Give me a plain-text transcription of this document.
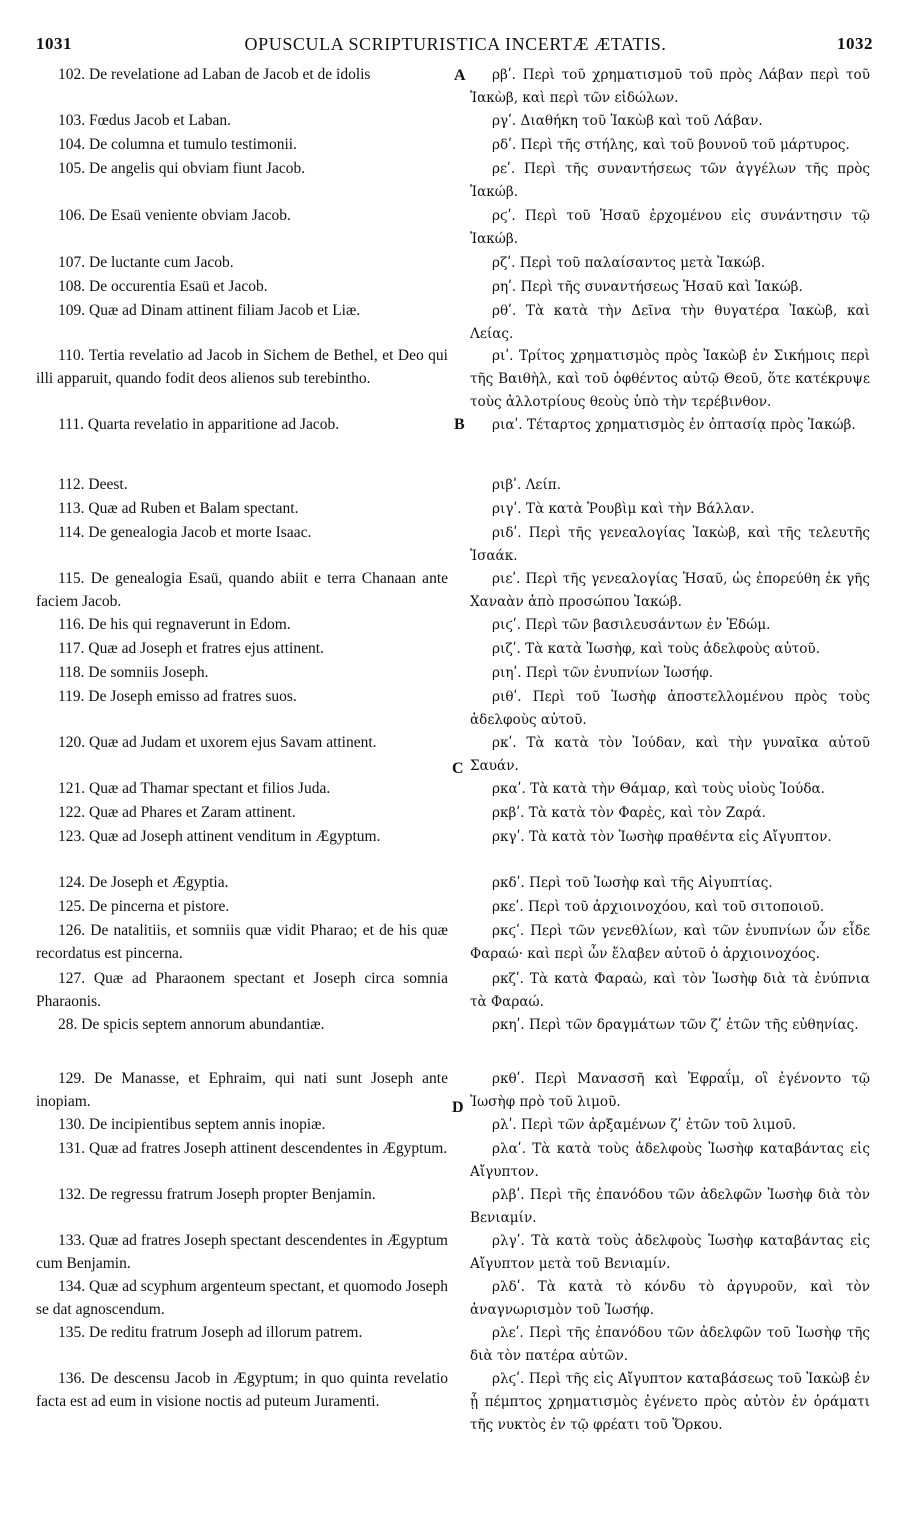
1031	OPUSCULA SCRIPTURISTICA INCERTÆ ÆTATIS.	1032
102. De revelatione ad Laban de Jacob et de idolis
103. Fœdus Jacob et Laban.
104. De columna et tumulo testimonii.
105. De angelis qui obviam fiunt Jacob.
106. De Esaü veniente obviam Jacob.
107. De luctante cum Jacob.
108. De occurentia Esaü et Jacob.
109. Quæ ad Dinam attinent filiam Jacob et Liæ.
110. Tertia revelatio ad Jacob in Sichem de Bethel, et Deo qui illi apparuit, quando fodit deos alienos sub terebintho.
111. Quarta revelatio in apparitione ad Jacob.
112. Deest.
113. Quæ ad Ruben et Balam spectant.
114. De genealogia Jacob et morte Isaac.
115. De genealogia Esaü, quando abiit e terra Chanaan ante faciem Jacob.
116. De his qui regnaverunt in Edom.
117. Quæ ad Joseph et fratres ejus attinent.
118. De somniis Joseph.
119. De Joseph emisso ad fratres suos.
120. Quæ ad Judam et uxorem ejus Savam attinent.
121. Quæ ad Thamar spectant et filios Juda.
122. Quæ ad Phares et Zaram attinent.
123. Quæ ad Joseph attinent venditum in Ægyptum.
124. De Joseph et Ægyptia.
125. De pincerna et pistore.
126. De natalitiis, et somniis quæ vidit Pharao; et de his quæ recordatus est pincerna.
127. Quæ ad Pharaonem spectant et Joseph circa somnia Pharaonis.
28. De spicis septem annorum abundantiæ.
129. De Manasse, et Ephraim, qui nati sunt Joseph ante inopiam.
130. De incipientibus septem annis inopiæ.
131. Quæ ad fratres Joseph attinent descendentes in Ægyptum.
132. De regressu fratrum Joseph propter Benjamin.
133. Quæ ad fratres Joseph spectant descendentes in Ægyptum cum Benjamin.
134. Quæ ad scyphum argenteum spectant, et quomodo Joseph se dat agnoscendum.
135. De reditu fratrum Joseph ad illorum patrem.
136. De descensu Jacob in Ægyptum; in quo quinta revelatio facta est ad eum in visione noctis ad puteum Juramenti.
ρβʹ. Περὶ τοῦ χρηματισμοῦ τοῦ πρὸς Λάβαν περὶ τοῦ Ἰακὼβ, καὶ περὶ τῶν εἰδώλων.
ργʹ. Διαθήκη τοῦ Ἰακὼβ καὶ τοῦ Λάβαν.
ρδʹ. Περὶ τῆς στήλης, καὶ τοῦ βουνοῦ τοῦ μάρτυρος.
ρεʹ. Περὶ τῆς συναντήσεως τῶν ἀγγέλων τῆς πρὸς Ἰακώβ.
ρϛʹ. Περὶ τοῦ Ἡσαῦ ἐρχομένου εἰς συνάντησιν τῷ Ἰακώβ.
ρζʹ. Περὶ τοῦ παλαίσαντος μετὰ Ἰακώβ.
ρηʹ. Περὶ τῆς συναντήσεως Ἡσαῦ καὶ Ἰακώβ.
ρθʹ. Τὰ κατὰ τὴν Δεῖνα τὴν θυγατέρα Ἰακὼβ, καὶ Λείας.
ριʹ. Τρίτος χρηματισμὸς πρὸς Ἰακὼβ ἐν Σικήμοις περὶ τῆς Βαιθὴλ, καὶ τοῦ ὀφθέντος αὐτῷ Θεοῦ, ὅτε κατέκρυψε τοὺς ἀλλοτρίους θεοὺς ὑπὸ τὴν τερέβινθον.
ριαʹ. Τέταρτος χρηματισμὸς ἐν ὀπτασίᾳ πρὸς Ἰακώβ.
ριβʹ. Λείπ.
ριγʹ. Τὰ κατὰ Ῥουβὶμ καὶ τὴν Βάλλαν.
ριδʹ. Περὶ τῆς γενεαλογίας Ἰακὼβ, καὶ τῆς τελευτῆς Ἰσαάκ.
ριεʹ. Περὶ τῆς γενεαλογίας Ἡσαῦ, ὡς ἐπορεύθη ἐκ γῆς Χαναὰν ἀπὸ προσώπου Ἰακώβ.
ριϛʹ. Περὶ τῶν βασιλευσάντων ἐν Ἐδώμ.
ριζʹ. Τὰ κατὰ Ἰωσὴφ, καὶ τοὺς ἀδελφοὺς αὐτοῦ.
ριηʹ. Περὶ τῶν ἐνυπνίων Ἰωσήφ.
ριθʹ. Περὶ τοῦ Ἰωσὴφ ἀποστελλομένου πρὸς τοὺς ἀδελφοὺς αὐτοῦ.
ρκʹ. Τὰ κατὰ τὸν Ἰούδαν, καὶ τὴν γυναῖκα αὐτοῦ Σαυάν.
ρκαʹ. Τὰ κατὰ τὴν Θάμαρ, καὶ τοὺς υἱοὺς Ἰούδα.
ρκβʹ. Τὰ κατὰ τὸν Φαρὲς, καὶ τὸν Ζαρά.
ρκγʹ. Τὰ κατὰ τὸν Ἰωσὴφ πραθέντα εἰς Αἴγυπτον.
ρκδʹ. Περὶ τοῦ Ἰωσὴφ καὶ τῆς Αἰγυπτίας.
ρκεʹ. Περὶ τοῦ ἀρχιοινοχόου, καὶ τοῦ σιτοποιοῦ.
ρκϛʹ. Περὶ τῶν γενεθλίων, καὶ τῶν ἐνυπνίων ὧν εἶδε Φαραώ· καὶ περὶ ὧν ἔλαβεν αὐτοῦ ὁ ἀρχιοινοχόος.
ρκζʹ. Τὰ κατὰ Φαραὼ, καὶ τὸν Ἰωσὴφ διὰ τὰ ἐνύπνια τὰ Φαραώ.
ρκηʹ. Περὶ τῶν δραγμάτων τῶν ζʹ ἐτῶν τῆς εὐθηνίας.
ρκθʹ. Περὶ Μανασσῆ καὶ Ἐφραΐμ, οἳ ἐγένοντο τῷ Ἰωσὴφ πρὸ τοῦ λιμοῦ.
ρλʹ. Περὶ τῶν ἀρξαμένων ζʹ ἐτῶν τοῦ λιμοῦ.
ρλαʹ. Τὰ κατὰ τοὺς ἀδελφοὺς Ἰωσὴφ καταβάντας εἰς Αἴγυπτον.
ρλβʹ. Περὶ τῆς ἐπανόδου τῶν ἀδελφῶν Ἰωσὴφ διὰ τὸν Βενιαμίν.
ρλγʹ. Τὰ κατὰ τοὺς ἀδελφοὺς Ἰωσὴφ καταβάντας εἰς Αἴγυπτον μετὰ τοῦ Βενιαμίν.
ρλδʹ. Τὰ κατὰ τὸ κόνδυ τὸ ἀργυροῦν, καὶ τὸν ἀναγνωρισμὸν τοῦ Ἰωσήφ.
ρλεʹ. Περὶ τῆς ἐπανόδου τῶν ἀδελφῶν τοῦ Ἰωσὴφ τῆς διὰ τὸν πατέρα αὐτῶν.
ρλϛʹ. Περὶ τῆς εἰς Αἴγυπτον καταβάσεως τοῦ Ἰακὼβ ἐν ᾗ πέμπτος χρηματισμὸς ἐγένετο πρὸς αὐτὸν ἐν ὁράματι τῆς νυκτὸς ἐν τῷ φρέατι τοῦ Ὅρκου.
A
B
C
D
